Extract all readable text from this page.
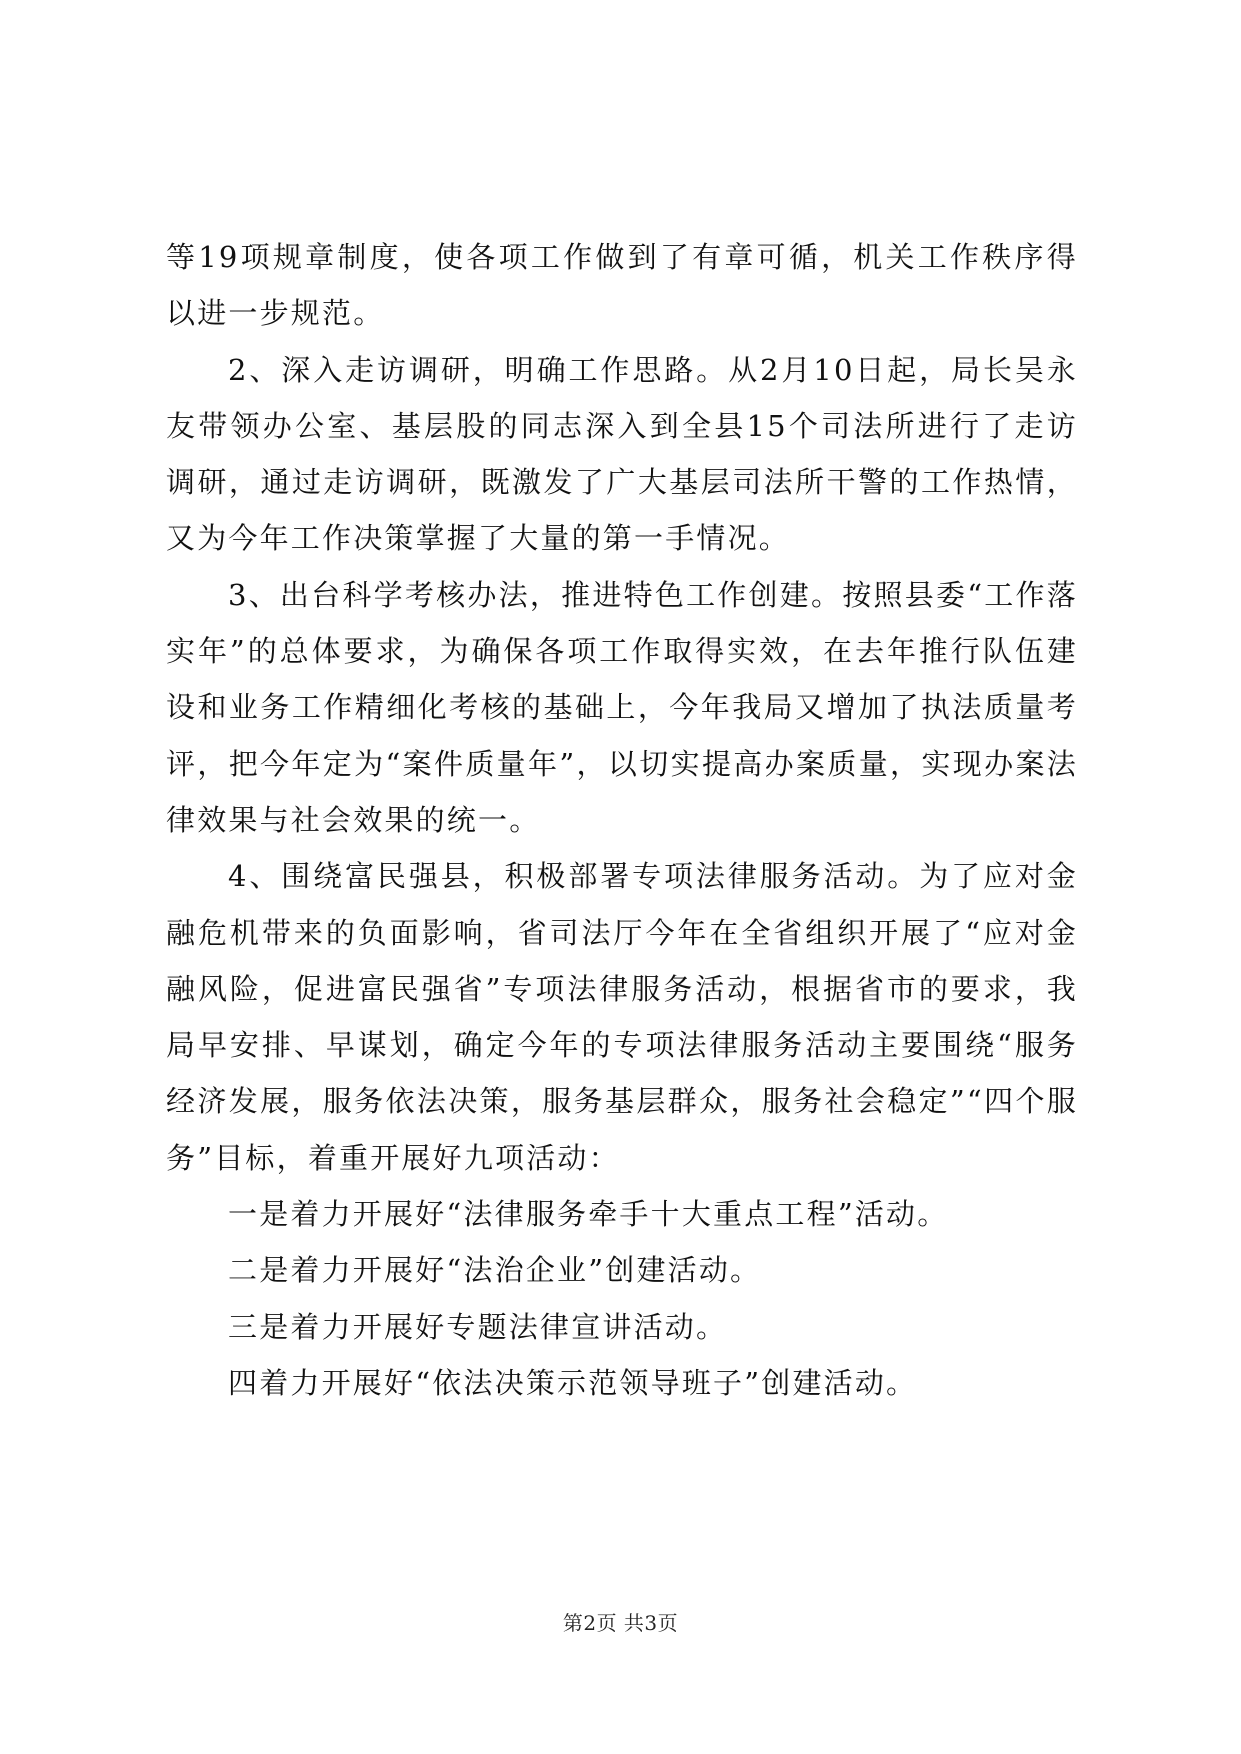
等19项规章制度，使各项工作做到了有章可循，机关工作秩序得以进一步规范。

2、深入走访调研，明确工作思路。从2月10日起，局长吴永友带领办公室、基层股的同志深入到全县15个司法所进行了走访调研，通过走访调研，既激发了广大基层司法所干警的工作热情，又为今年工作决策掌握了大量的第一手情况。

3、出台科学考核办法，推进特色工作创建。按照县委“工作落实年”的总体要求，为确保各项工作取得实效，在去年推行队伍建设和业务工作精细化考核的基础上，今年我局又增加了执法质量考评，把今年定为“案件质量年”，以切实提高办案质量，实现办案法律效果与社会效果的统一。

4、围绕富民强县，积极部署专项法律服务活动。为了应对金融危机带来的负面影响，省司法厅今年在全省组织开展了“应对金融风险，促进富民强省”专项法律服务活动，根据省市的要求，我局早安排、早谋划，确定今年的专项法律服务活动主要围绕“服务经济发展，服务依法决策，服务基层群众，服务社会稳定”“四个服务”目标，着重开展好九项活动：

一是着力开展好“法律服务牵手十大重点工程”活动。

二是着力开展好“法治企业”创建活动。

三是着力开展好专题法律宣讲活动。

四着力开展好“依法决策示范领导班子”创建活动。

第2页 共3页
